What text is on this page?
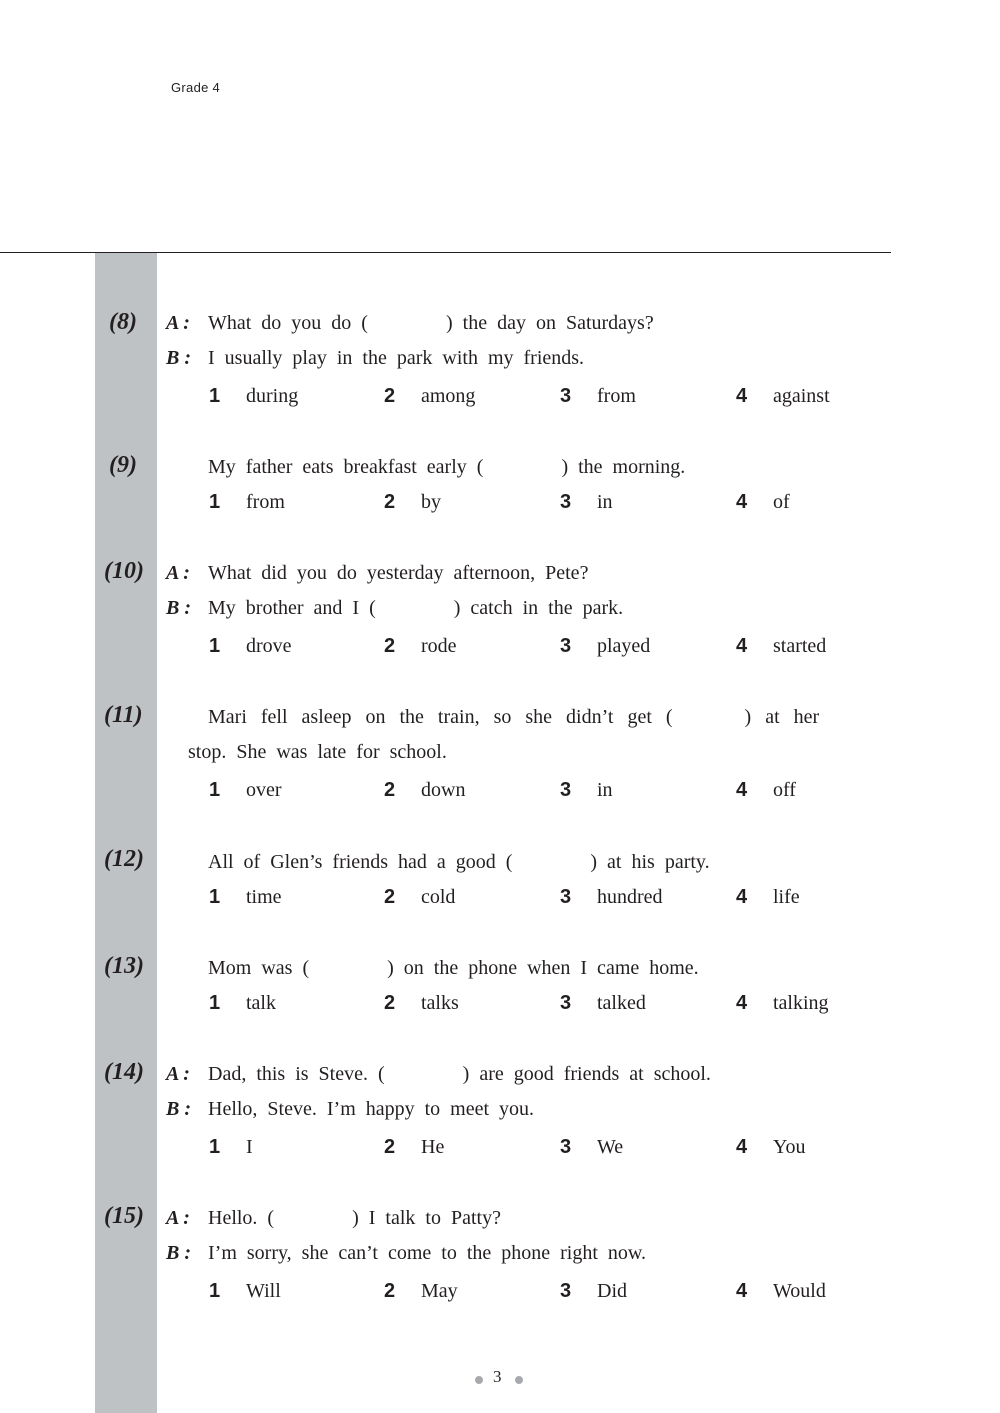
Grade 4
(8) A : What do you do (	) the day on Saturdays?
B : I usually play in the park with my friends.
1 during	2 among	3 from	4 against
(9)	My father eats breakfast early (	) the morning.
1 from	2 by	3 in	4 of
(10) A : What did you do yesterday afternoon, Pete?
B : My brother and I (	) catch in the park.
1 drove	2 rode	3 played	4 started
(11)	Mari fell asleep on the train, so she didn’t get (	) at her
stop. She was late for school.
1 over	2 down	3 in	4 off
(12)	All of Glen’s friends had a good (	) at his party.
1 time	2 cold	3 hundred	4 life
(13)	Mom was (	) on the phone when I came home.
1 talk	2 talks	3 talked	4 talking
(14) A : Dad, this is Steve. (	) are good friends at school.
B : Hello, Steve. I’m happy to meet you.
1 I	2 He	3 We	4 You
(15) A : Hello. (	) I talk to Patty?
B : I’m sorry, she can’t come to the phone right now.
1 Will	2 May	3 Did	4 Would
3
